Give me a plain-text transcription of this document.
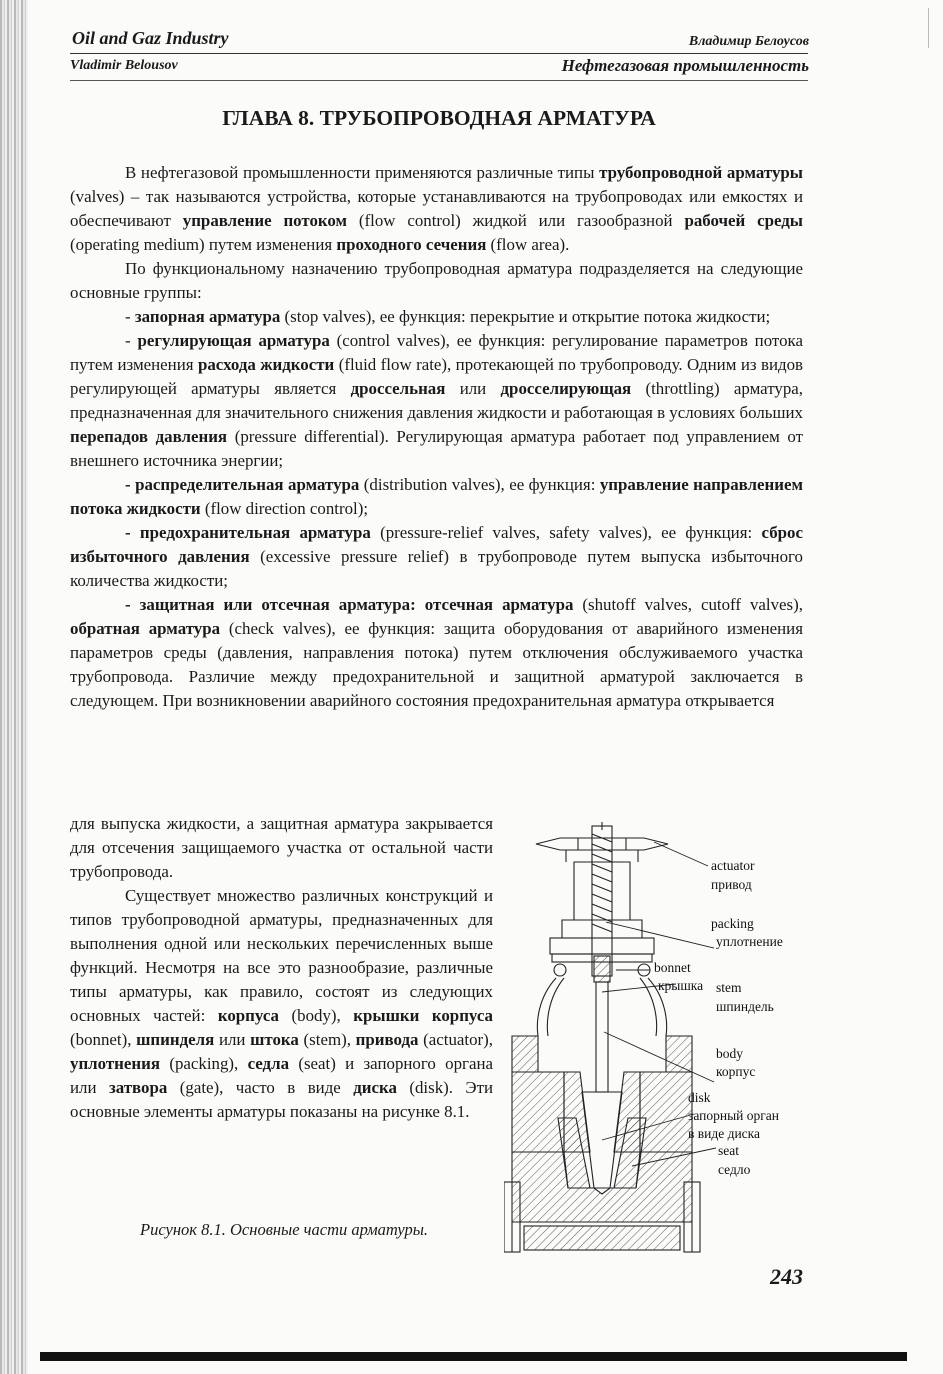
Oil and Gaz Industry	Владимир Белоусов
Vladimir Belousov	Нефтегазовая промышленность
ГЛАВА 8. ТРУБОПРОВОДНАЯ АРМАТУРА

В нефтегазовой промышленности применяются различные типы трубопроводной арматуры (valves) – так называются устройства, которые устанавливаются на трубопроводах или емкостях и обеспечивают управление потоком (flow control) жидкой или газообразной рабочей среды (operating medium) путем изменения проходного сечения (flow area).

По функциональному назначению трубопроводная арматура подразделяется на следующие основные группы:

- запорная арматура (stop valves), ее функция: перекрытие и открытие потока жидкости;

- регулирующая арматура (control valves), ее функция: регулирование параметров потока путем изменения расхода жидкости (fluid flow rate), протекающей по трубопроводу. Одним из видов регулирующей арматуры является дроссельная или дросселирующая (throttling) арматура, предназначенная для значительного снижения давления жидкости и работающая в условиях больших перепадов давления (pressure differential). Регулирующая арматура работает под управлением от внешнего источника энергии;

- распределительная арматура (distribution valves), ее функция: управление направлением потока жидкости (flow direction control);

- предохранительная арматура (pressure-relief valves, safety valves), ее функция: сброс избыточного давления (excessive pressure relief) в трубопроводе путем выпуска избыточного количества жидкости;

- защитная или отсечная арматура: отсечная арматура (shutoff valves, cutoff valves), обратная арматура (check valves), ее функция: защита оборудования от аварийного изменения параметров среды (давления, направления потока) путем отключения обслуживаемого участка трубопровода. Различие между предохранительной и защитной арматурой заключается в следующем. При возникновении аварийного состояния предохранительная арматура открывается

для выпуска жидкости, а защитная арматура закрывается для отсечения защищаемого участка от остальной части трубопровода.

Существует множество различных конструкций и типов трубопроводной арматуры, предназначенных для выполнения одной или нескольких перечисленных выше функций. Несмотря на все это разнообразие, различные типы арматуры, как правило, состоят из следующих основных частей: корпуса (body), крышки корпуса (bonnet), шпинделя или штока (stem), привода (actuator), уплотнения (packing), седла (seat) и запорного органа или затвора (gate), часто в виде диска (disk). Эти основные элементы арматуры показаны на рисунке 8.1.

actuator
привод
packing
уплотнение
bonnet
крышка stem
шпиндель
body
корпус
disk
запорный орган
в виде диска
seat
седло
Рисунок 8.1. Основные части арматуры.
243
